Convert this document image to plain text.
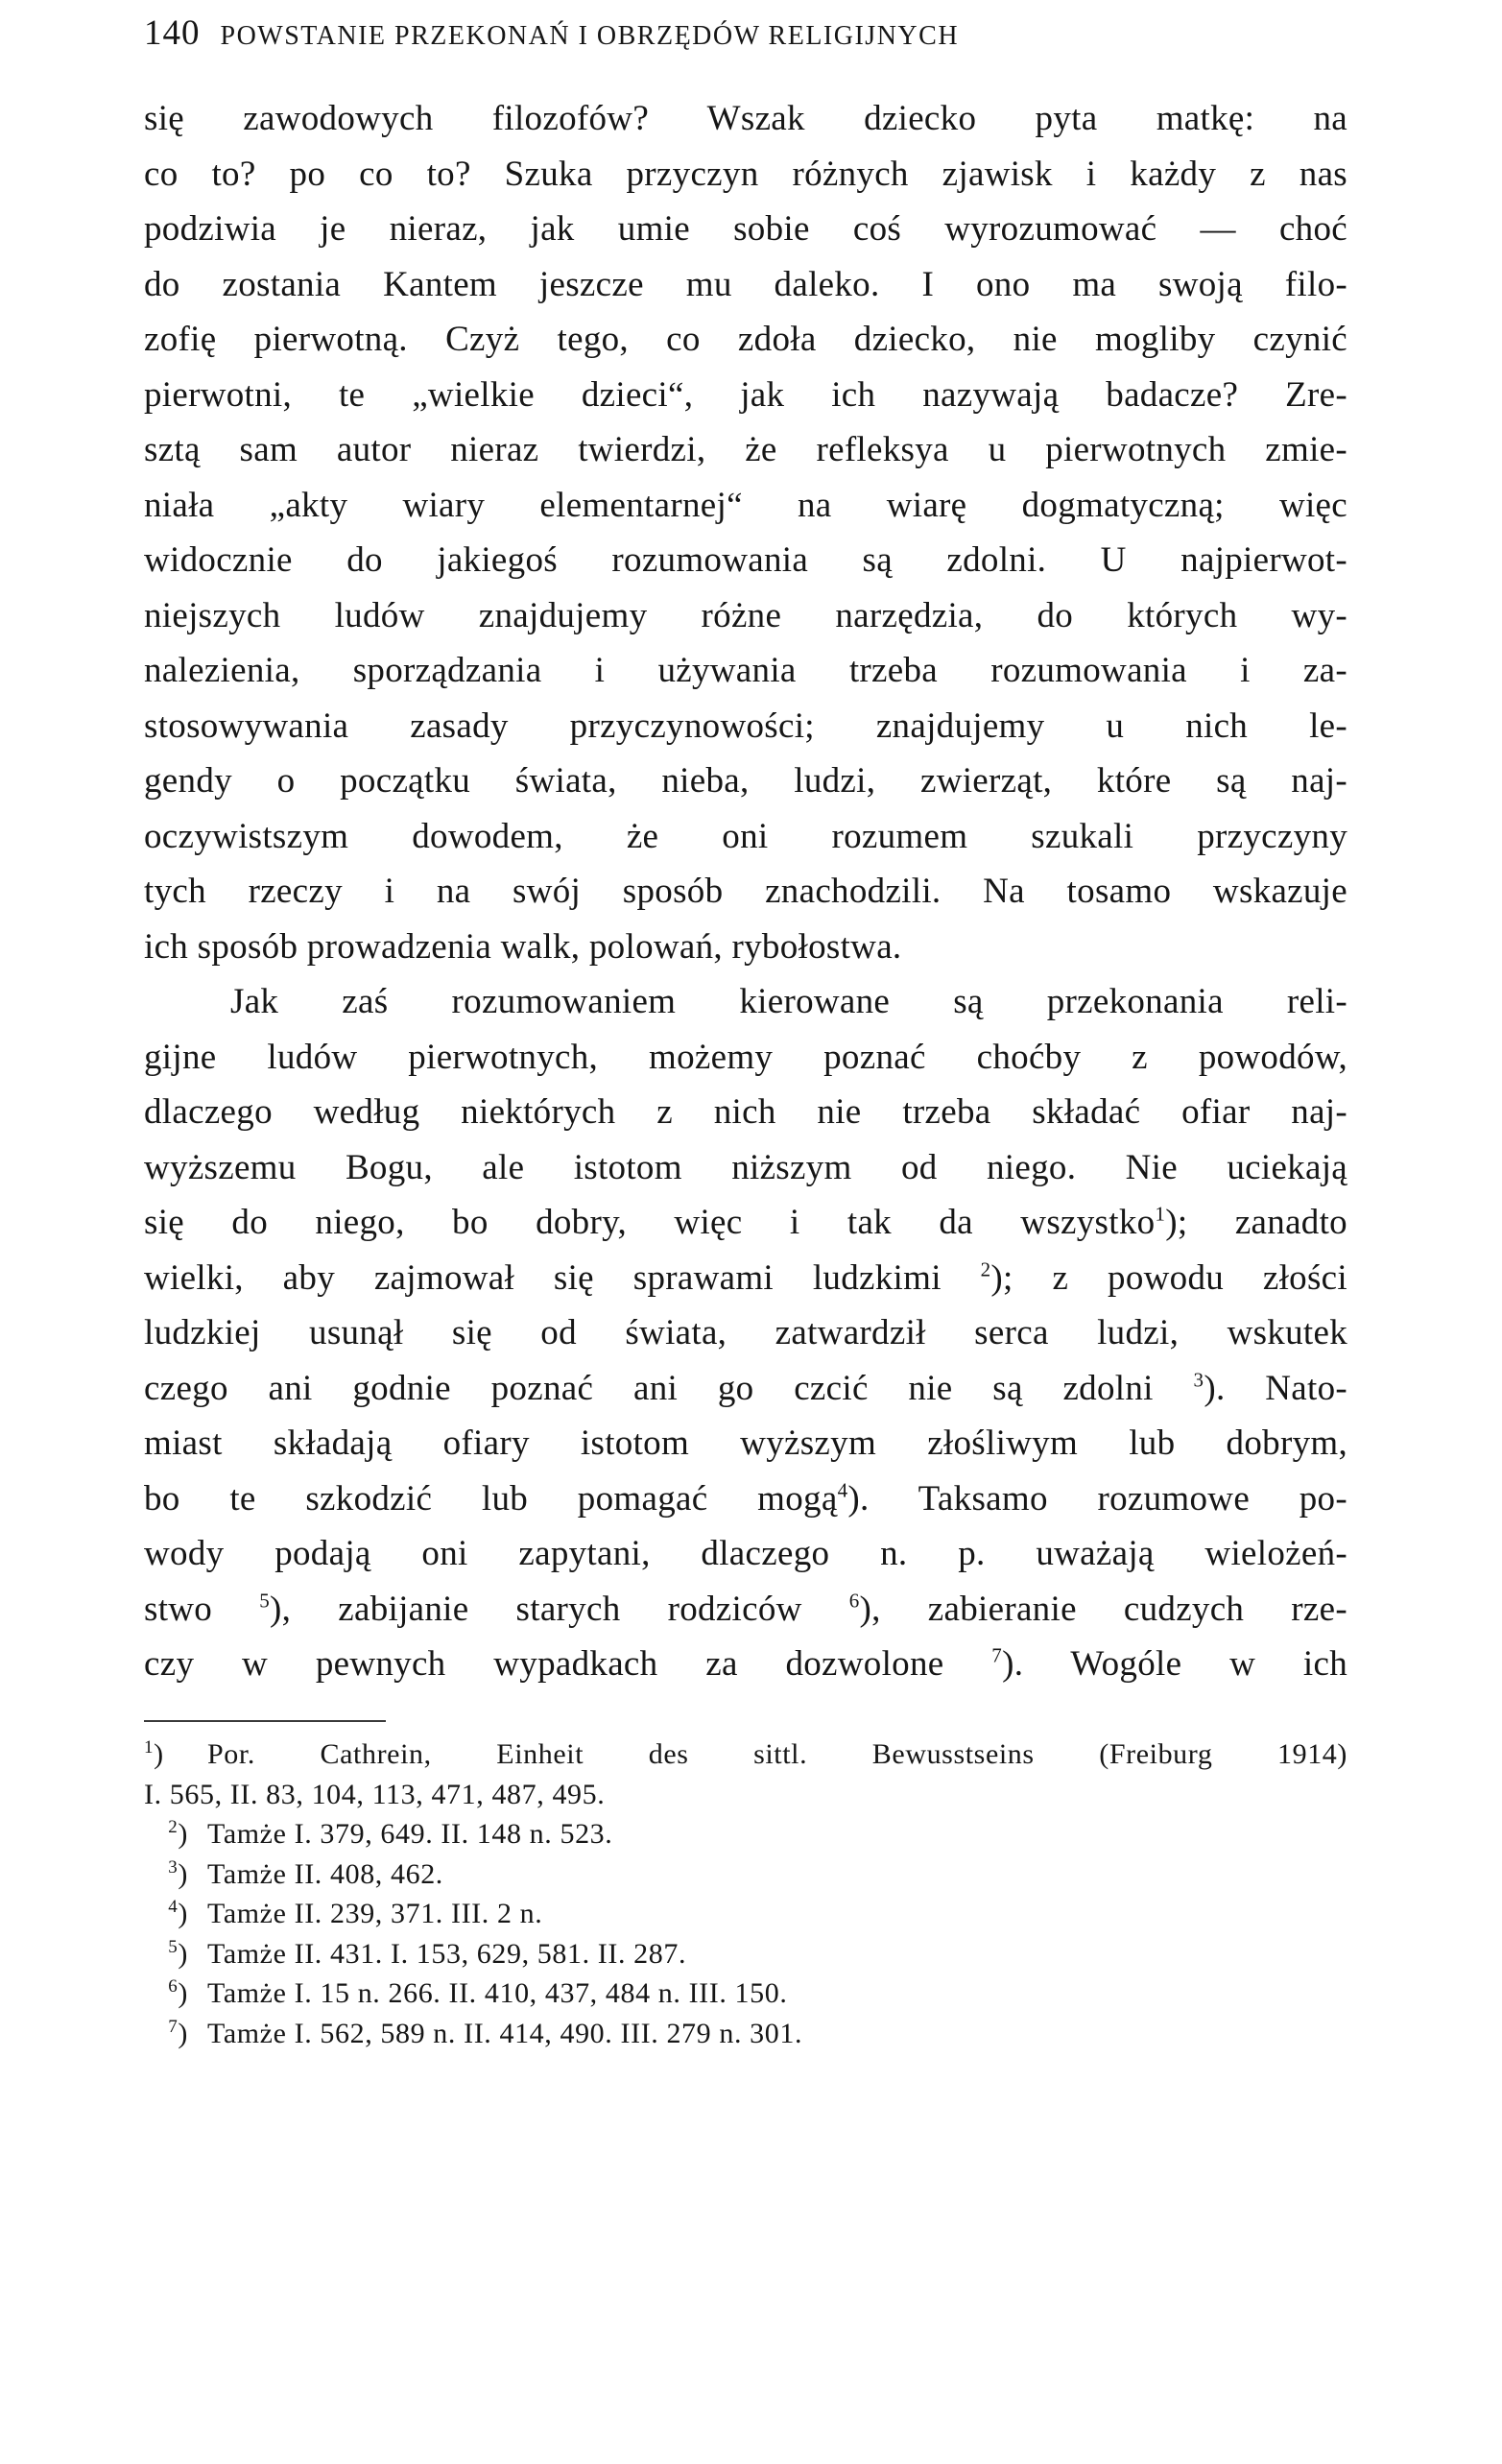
140 POWSTANIE PRZEKONAŃ I OBRZĘDÓW RELIGIJNYCH
się zawodowych filozofów? Wszak dziecko pyta matkę: na
co to? po co to? Szuka przyczyn różnych zjawisk i każdy z nas
podziwia je nieraz, jak umie sobie coś wyrozumować — choć
do zostania Kantem jeszcze mu daleko. I ono ma swoją filo-
zofię pierwotną. Czyż tego, co zdoła dziecko, nie mogliby czynić
pierwotni, te „wielkie dzieci“, jak ich nazywają badacze? Zre-
sztą sam autor nieraz twierdzi, że refleksya u pierwotnych zmie-
niała „akty wiary elementarnej“ na wiarę dogmatyczną; więc
widocznie do jakiegoś rozumowania są zdolni. U najpierwot-
niejszych ludów znajdujemy różne narzędzia, do których wy-
nalezienia, sporządzania i używania trzeba rozumowania i za-
stosowywania zasady przyczynowości; znajdujemy u nich le-
gendy o początku świata, nieba, ludzi, zwierząt, które są naj-
oczywistszym dowodem, że oni rozumem szukali przyczyny
tych rzeczy i na swój sposób znachodzili. Na tosamo wskazuje
ich sposób prowadzenia walk, polowań, rybołostwa.
Jak zaś rozumowaniem kierowane są przekonania reli-
gijne ludów pierwotnych, możemy poznać choćby z powodów,
dlaczego według niektórych z nich nie trzeba składać ofiar naj-
wyższemu Bogu, ale istotom niższym od niego. Nie uciekają
się do niego, bo dobry, więc i tak da wszystko$^1$); zanadto
wielki, aby zajmował się sprawami ludzkimi $^2$); z powodu złości
ludzkiej usunął się od świata, zatwardził serca ludzi, wskutek
czego ani godnie poznać ani go czcić nie są zdolni $^3$). Nato-
miast składają ofiary istotom wyższym złośliwym lub dobrym,
bo te szkodzić lub pomagać mogą$^4$). Taksamo rozumowe po-
wody podają oni zapytani, dlaczego n. p. uważają wielożeń-
stwo $^5$), zabijanie starych rodziców $^6$), zabieranie cudzych rze-
czy w pewnych wypadkach za dozwolone $^7$). Wogóle w ich
$^1$) Por. Cathrein, Einheit des sittl. Bewusstseins (Freiburg 1914)
I. 565, II. 83, 104, 113, 471, 487, 495.
$^2$) Tamże I. 379, 649. II. 148 n. 523.
$^3$) Tamże II. 408, 462.
$^4$) Tamże II. 239, 371. III. 2 n.
$^5$) Tamże II. 431. I. 153, 629, 581. II. 287.
$^6$) Tamże I. 15 n. 266. II. 410, 437, 484 n. III. 150.
$^7$) Tamże I. 562, 589 n. II. 414, 490. III. 279 n. 301.
